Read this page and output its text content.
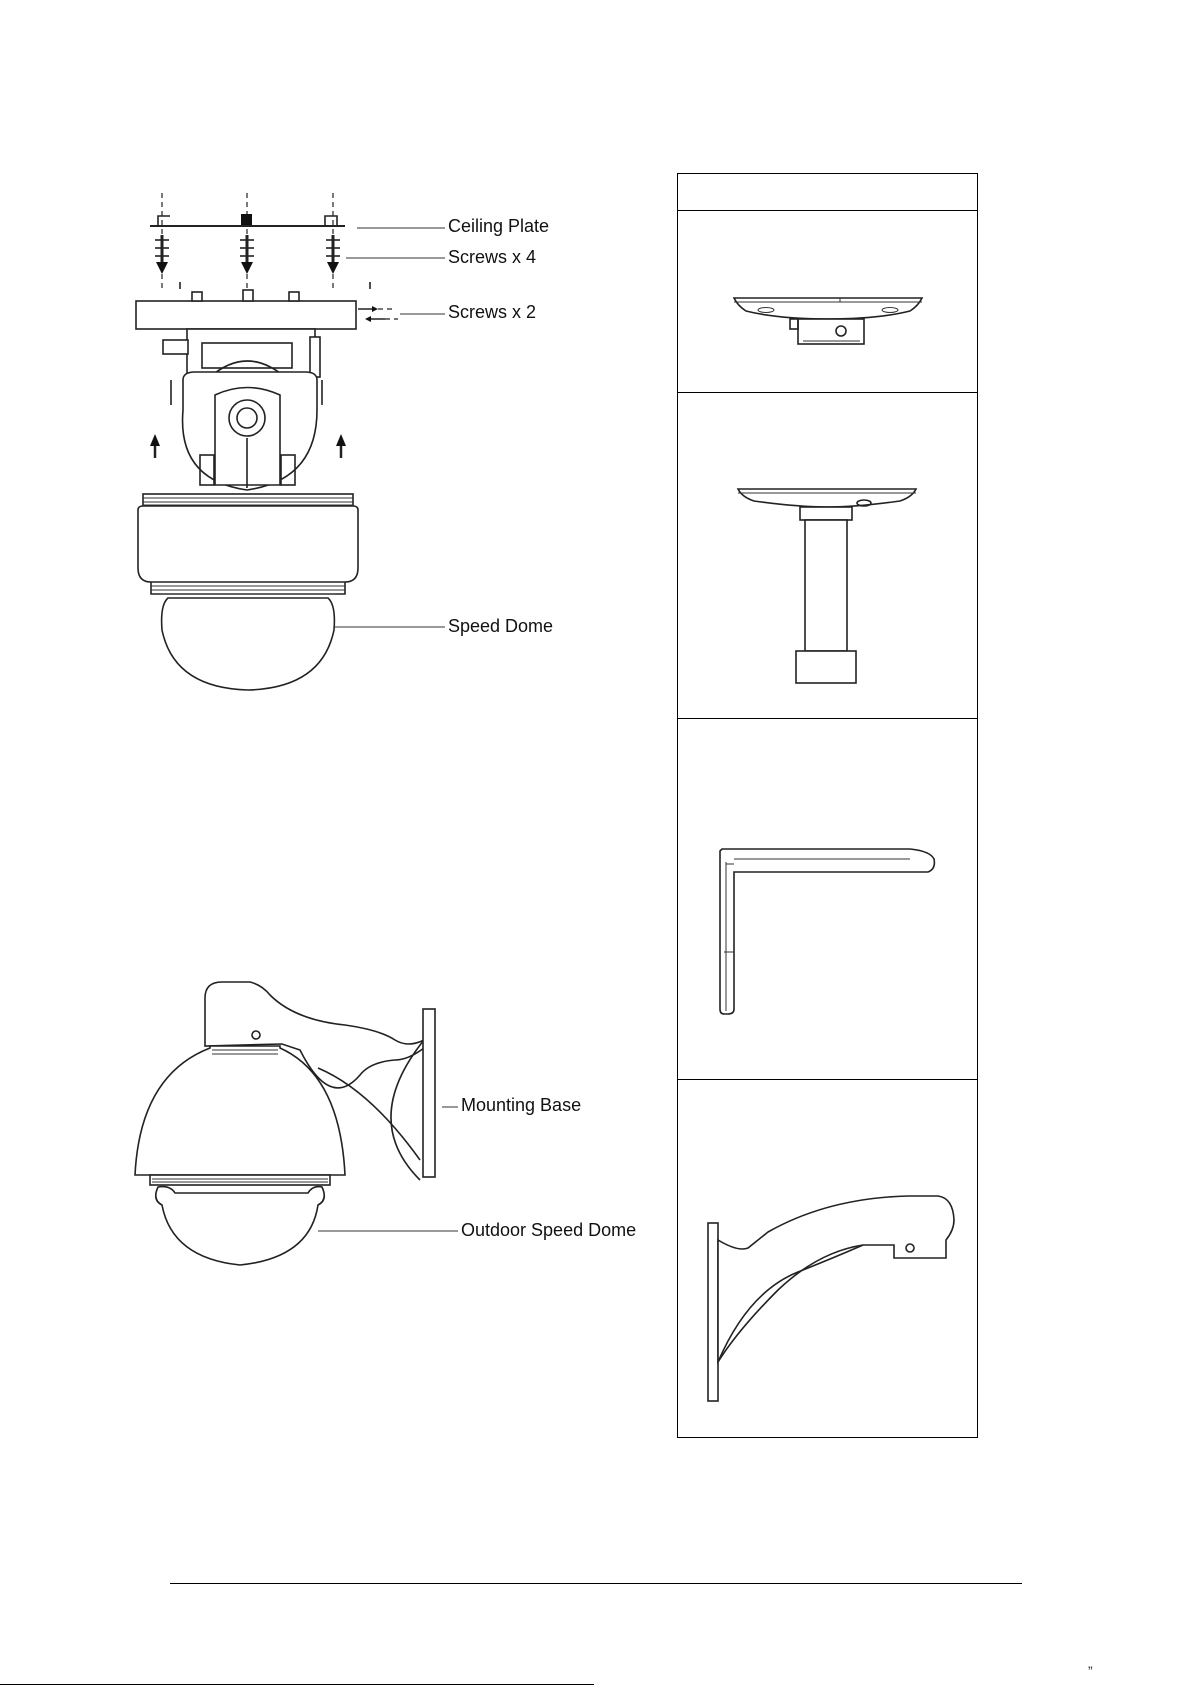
Ceiling Plate
Screws x 4
Screws x 2
Speed Dome
Mounting Base
Outdoor Speed Dome
”
